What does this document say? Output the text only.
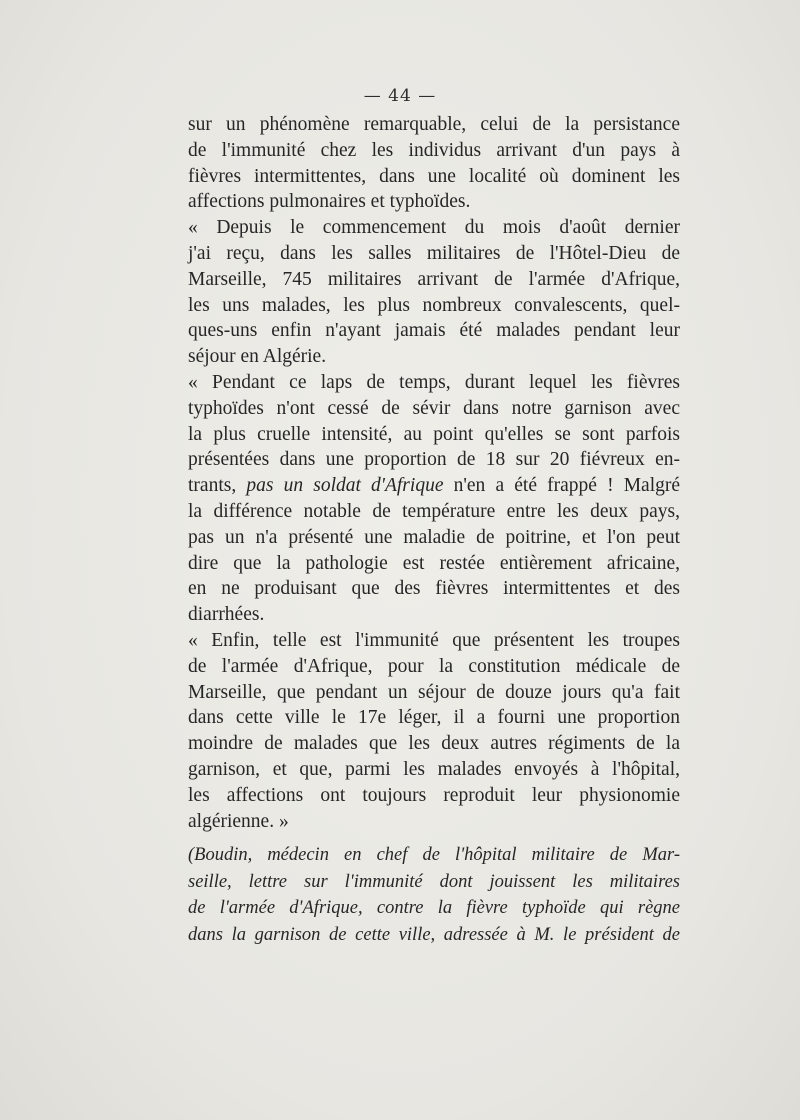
— 44 —

sur un phénomène remarquable, celui de la persistance
de l'immunité chez les individus arrivant d'un pays à
fièvres intermittentes, dans une localité où dominent les
affections pulmonaires et typhoïdes.

« Depuis le commencement du mois d'août dernier
j'ai reçu, dans les salles militaires de l'Hôtel-Dieu de
Marseille, 745 militaires arrivant de l'armée d'Afrique,
les uns malades, les plus nombreux convalescents, quel-
ques-uns enfin n'ayant jamais été malades pendant leur
séjour en Algérie.

« Pendant ce laps de temps, durant lequel les fièvres
typhoïdes n'ont cessé de sévir dans notre garnison avec
la plus cruelle intensité, au point qu'elles se sont parfois
présentées dans une proportion de 18 sur 20 fiévreux en-
trants, pas un soldat d'Afrique n'en a été frappé ! Malgré
la différence notable de température entre les deux pays,
pas un n'a présenté une maladie de poitrine, et l'on peut
dire que la pathologie est restée entièrement africaine,
en ne produisant que des fièvres intermittentes et des
diarrhées.

« Enfin, telle est l'immunité que présentent les troupes
de l'armée d'Afrique, pour la constitution médicale de
Marseille, que pendant un séjour de douze jours qu'a fait
dans cette ville le 17e léger, il a fourni une proportion
moindre de malades que les deux autres régiments de la
garnison, et que, parmi les malades envoyés à l'hôpital,
les affections ont toujours reproduit leur physionomie
algérienne. »

(Boudin, médecin en chef de l'hôpital militaire de Mar-
seille, lettre sur l'immunité dont jouissent les militaires
de l'armée d'Afrique, contre la fièvre typhoïde qui règne
dans la garnison de cette ville, adressée à M. le président de
